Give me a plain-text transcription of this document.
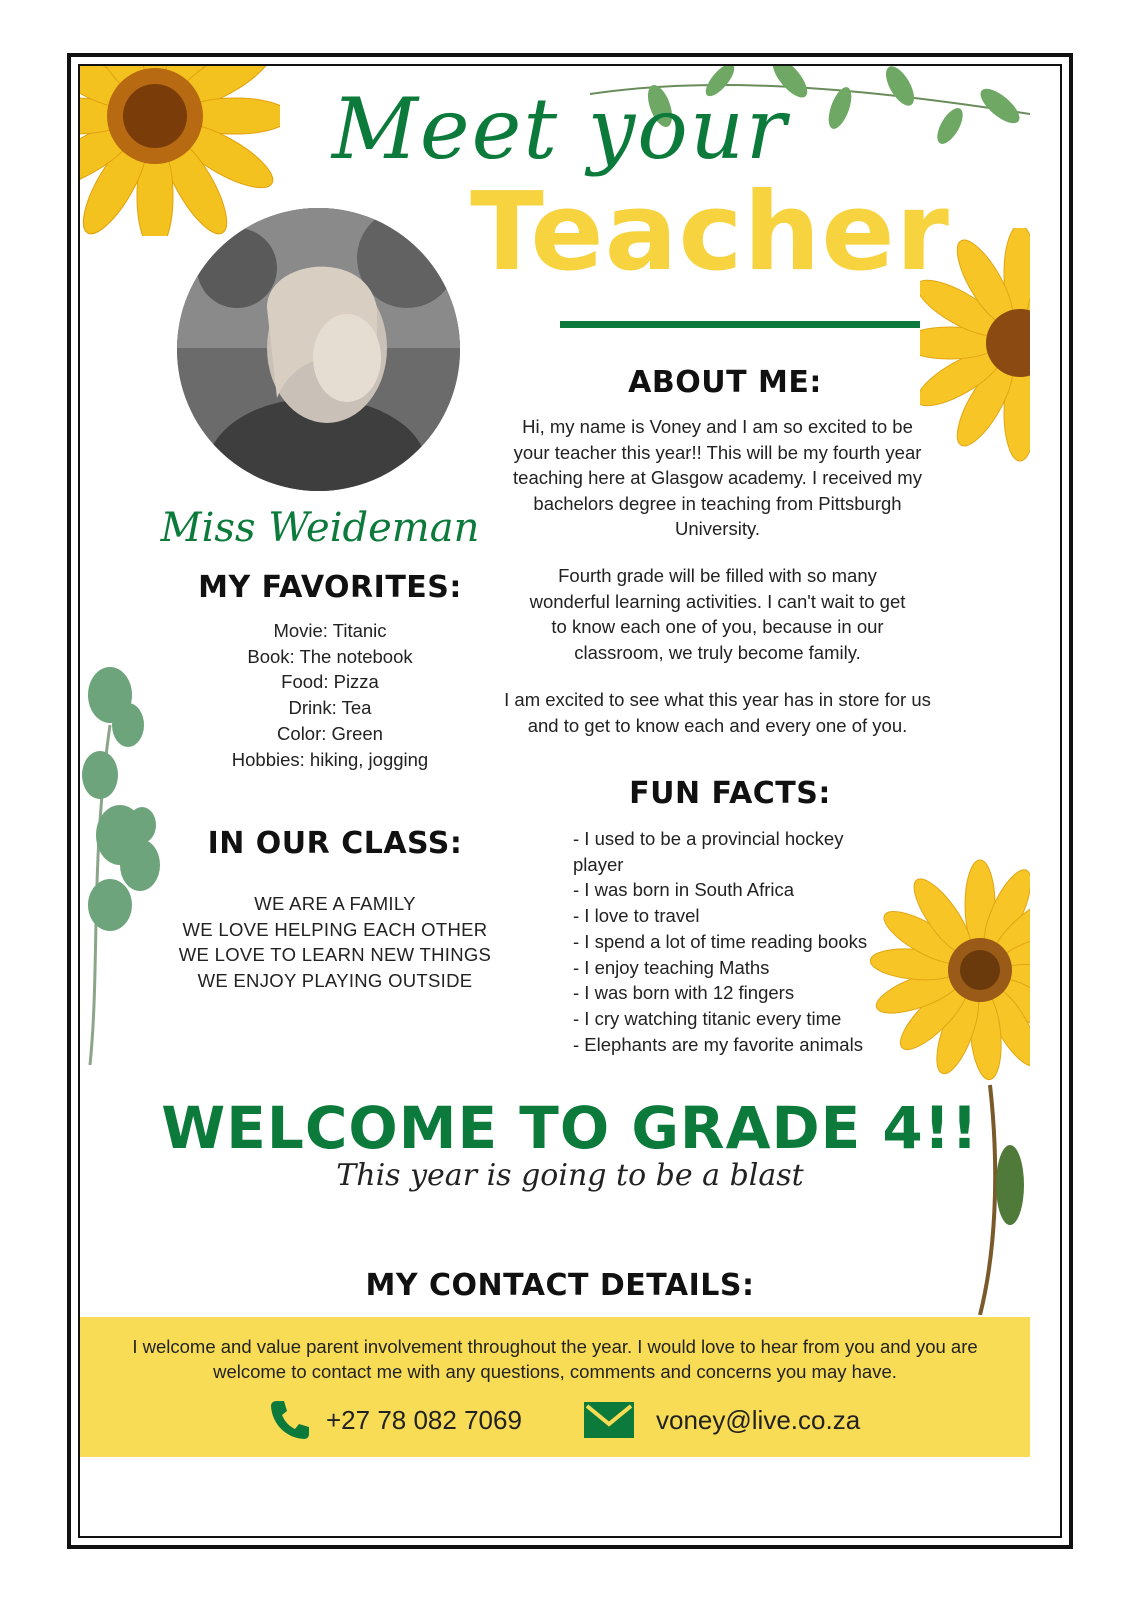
Meet your
Teacher

Miss Weideman

ABOUT ME:

Hi, my name is Voney and I am so excited to be your teacher this year!! This will be my fourth year teaching here at Glasgow academy. I received my bachelors degree in teaching from Pittsburgh University.

Fourth grade will be filled with so many wonderful learning activities. I can't wait to get to know each one of you, because in our classroom, we truly become family.

I am excited to see what this year has in store for us and to get to know each and every one of you.

MY FAVORITES:
Movie: Titanic
Book: The notebook
Food: Pizza
Drink: Tea
Color: Green
Hobbies: hiking, jogging
IN OUR CLASS:
WE ARE A FAMILY
WE LOVE HELPING EACH OTHER
WE LOVE TO LEARN NEW THINGS
WE ENJOY PLAYING OUTSIDE
FUN FACTS:
- I used to be a provincial hockey player
- I was born in South Africa
- I love to travel
- I spend a lot of time reading books
- I enjoy teaching Maths
- I was born with 12 fingers
- I cry watching titanic every time
- Elephants are my favorite animals
WELCOME TO GRADE 4!!

This year is going to be a blast

MY CONTACT DETAILS:

I welcome and value parent involvement throughout the year. I would love to hear from you and you are welcome to contact me with any questions, comments and concerns you may have.

+27 78 082 7069	voney@live.co.za
